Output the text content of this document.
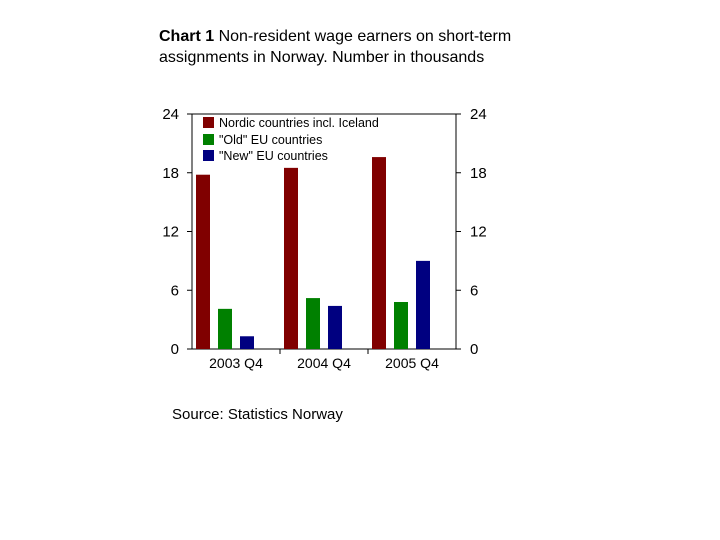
Chart 1 Non-resident wage earners on short-term assignments in Norway. Number in thousands
0	0
6	6
12	12
18	18
24	24
2003 Q4 2004 Q4 2005 Q4
Nordic countries incl. Iceland
"Old" EU countries
"New" EU countries
Source: Statistics Norway
